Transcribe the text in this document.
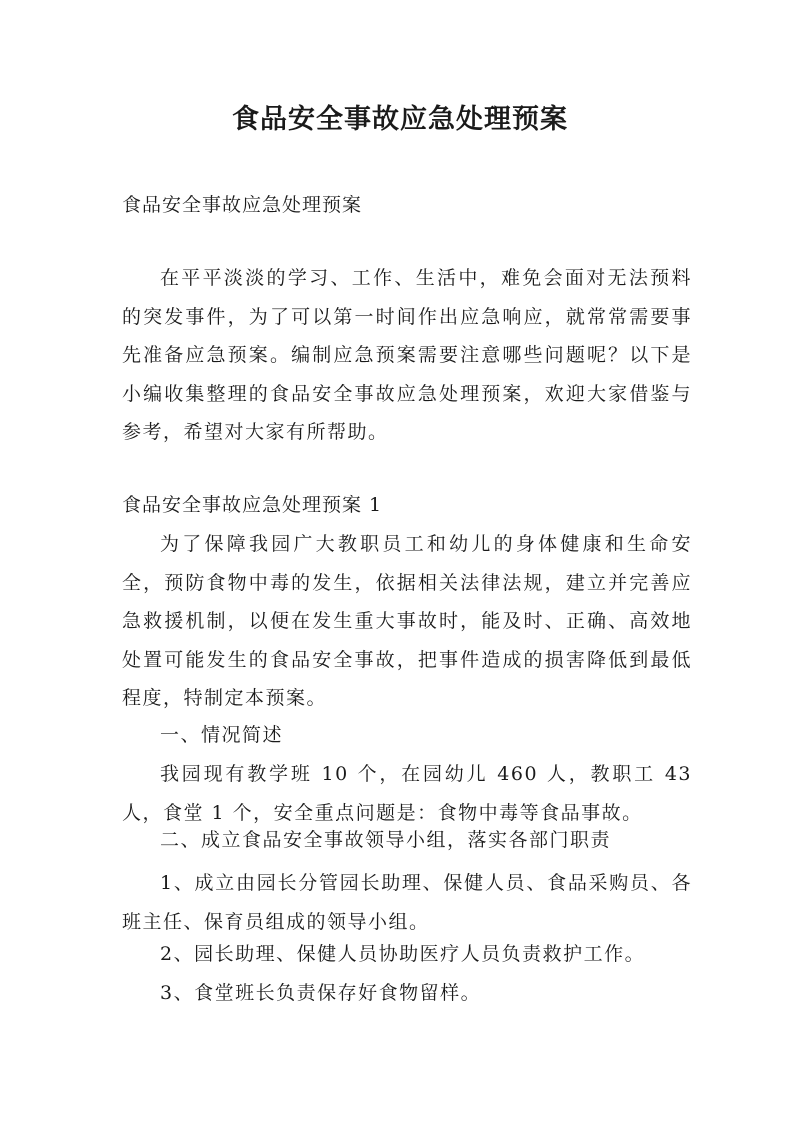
食品安全事故应急处理预案

食品安全事故应急处理预案

在平平淡淡的学习、工作、生活中，难免会面对无法预料的突发事件，为了可以第一时间作出应急响应，就常常需要事先准备应急预案。编制应急预案需要注意哪些问题呢？以下是小编收集整理的食品安全事故应急处理预案，欢迎大家借鉴与参考，希望对大家有所帮助。

食品安全事故应急处理预案 1

为了保障我园广大教职员工和幼儿的身体健康和生命安全，预防食物中毒的发生，依据相关法律法规，建立并完善应急救援机制，以便在发生重大事故时，能及时、正确、高效地处置可能发生的食品安全事故，把事件造成的损害降低到最低程度，特制定本预案。

一、情况简述

我园现有教学班 10 个，在园幼儿 460 人，教职工 43 人，食堂 1 个，安全重点问题是：食物中毒等食品事故。

二、成立食品安全事故领导小组，落实各部门职责

1、成立由园长分管园长助理、保健人员、食品采购员、各班主任、保育员组成的领导小组。

2、园长助理、保健人员协助医疗人员负责救护工作。

3、食堂班长负责保存好食物留样。
